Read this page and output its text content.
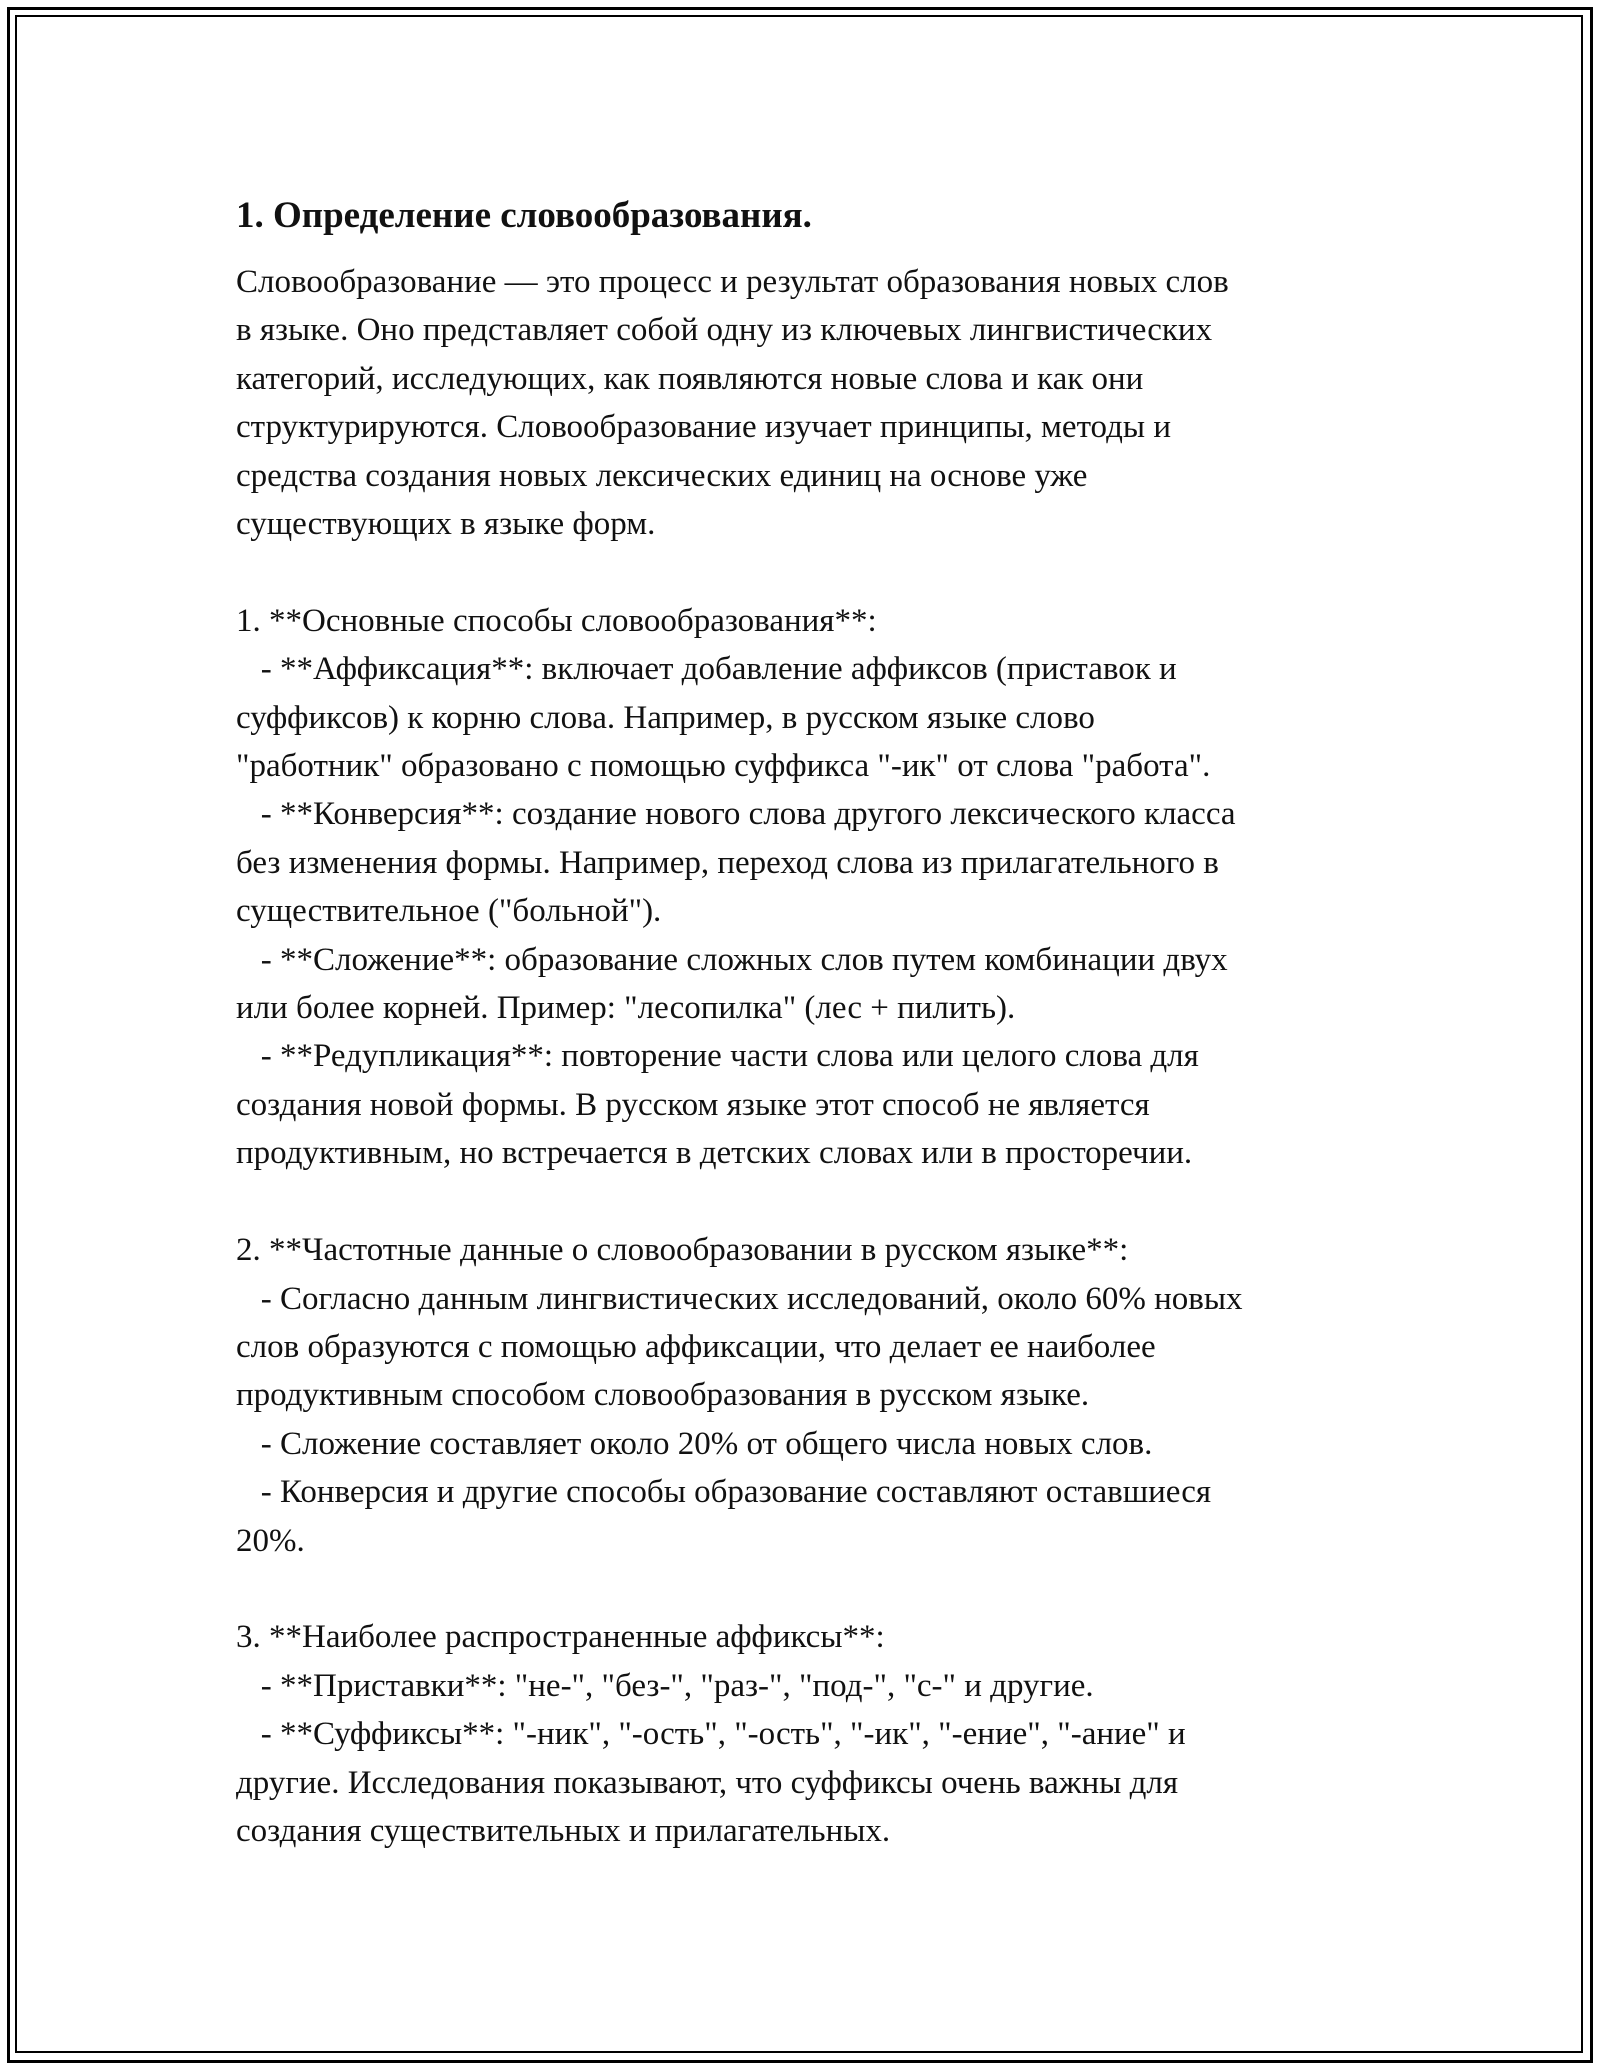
1. Определение словообразования.
Словообразование — это процесс и результат образования новых слов
в языке. Оно представляет собой одну из ключевых лингвистических
категорий, исследующих, как появляются новые слова и как они
структурируются. Словообразование изучает принципы, методы и
средства создания новых лексических единиц на основе уже
существующих в языке форм.
1. **Основные способы словообразования**:
- **Аффиксация**: включает добавление аффиксов (приставок и
суффиксов) к корню слова. Например, в русском языке слово
"работник" образовано с помощью суффикса "-ик" от слова "работа".
- **Конверсия**: создание нового слова другого лексического класса
без изменения формы. Например, переход слова из прилагательного в
существительное ("больной").
- **Сложение**: образование сложных слов путем комбинации двух
или более корней. Пример: "лесопилка" (лес + пилить).
- **Редупликация**: повторение части слова или целого слова для
создания новой формы. В русском языке этот способ не является
продуктивным, но встречается в детских словах или в просторечии.
2. **Частотные данные о словообразовании в русском языке**:
- Согласно данным лингвистических исследований, около 60% новых
слов образуются с помощью аффиксации, что делает ее наиболее
продуктивным способом словообразования в русском языке.
- Сложение составляет около 20% от общего числа новых слов.
- Конверсия и другие способы образование составляют оставшиеся
20%.
3. **Наиболее распространенные аффиксы**:
- **Приставки**: "не-", "без-", "раз-", "под-", "с-" и другие.
- **Суффиксы**: "-ник", "-ость", "-ость", "-ик", "-ение", "-ание" и
другие. Исследования показывают, что суффиксы очень важны для
создания существительных и прилагательных.
